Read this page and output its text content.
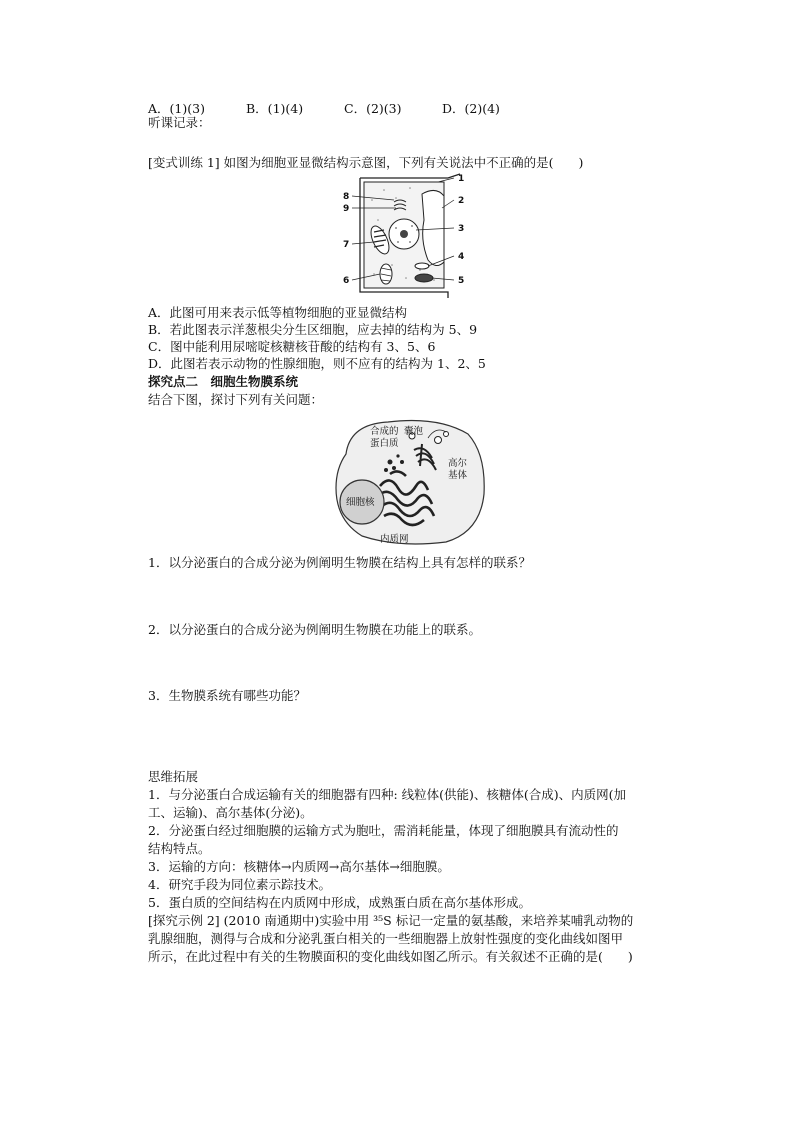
A．(1)(3)	B．(1)(4)	C．(2)(3)	D．(2)(4)
听课记录：
[变式训练 1] 如图为细胞亚显微结构示意图，下列有关说法中不正确的是(　　)
1
2
3
4
5
6
7
8
9
A．此图可用来表示低等植物细胞的亚显微结构
B．若此图表示洋葱根尖分生区细胞，应去掉的结构为 5、9
C．图中能利用尿嘧啶核糖核苷酸的结构有 3、5、6
D．此图若表示动物的性腺细胞，则不应有的结构为 1、2、5
探究点二　细胞生物膜系统
结合下图，探讨下列有关问题：
合成的
蛋白质
囊泡
高尔
基体
细胞核
内质网
1．以分泌蛋白的合成分泌为例阐明生物膜在结构上具有怎样的联系？
2．以分泌蛋白的合成分泌为例阐明生物膜在功能上的联系。
3．生物膜系统有哪些功能？
思维拓展
1．与分泌蛋白合成运输有关的细胞器有四种: 线粒体(供能)、核糖体(合成)、内质网(加
工、运输)、高尔基体(分泌)。
2．分泌蛋白经过细胞膜的运输方式为胞吐，需消耗能量，体现了细胞膜具有流动性的
结构特点。
3．运输的方向：核糖体→内质网→高尔基体→细胞膜。
4．研究手段为同位素示踪技术。
5．蛋白质的空间结构在内质网中形成，成熟蛋白质在高尔基体形成。
[探究示例 2] (2010 南通期中)实验中用 ³⁵S 标记一定量的氨基酸，来培养某哺乳动物的
乳腺细胞，测得与合成和分泌乳蛋白相关的一些细胞器上放射性强度的变化曲线如图甲
所示，在此过程中有关的生物膜面积的变化曲线如图乙所示。有关叙述不正确的是(　　)
